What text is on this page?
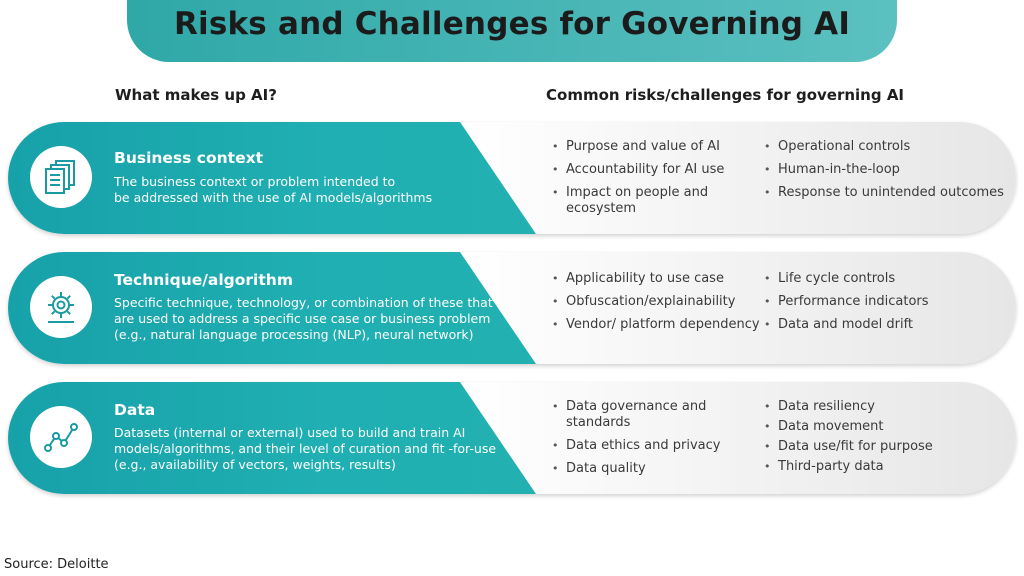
Risks and Challenges for Governing AI
What makes up AI?	Common risks/challenges for governing AI
Business context
The business context or problem intended to
be addressed with the use of AI models/algorithms
• Purpose and value of AI
• Accountability for AI use
• Impact on people and ecosystem
• Operational controls
• Human-in-the-loop
• Response to unintended outcomes
Technique/algorithm
Specific technique, technology, or combination of these that
are used to address a specific use case or business problem
(e.g., natural language processing (NLP), neural network)
• Applicability to use case
• Obfuscation/explainability
• Vendor/ platform dependency
• Life cycle controls
• Performance indicators
• Data and model drift
Data
Datasets (internal or external) used to build and train AI
models/algorithms, and their level of curation and fit -for-use
(e.g., availability of vectors, weights, results)
• Data governance and standards
• Data ethics and privacy
• Data quality
• Data resiliency
• Data movement
• Data use/fit for purpose
• Third-party data
Source: Deloitte
